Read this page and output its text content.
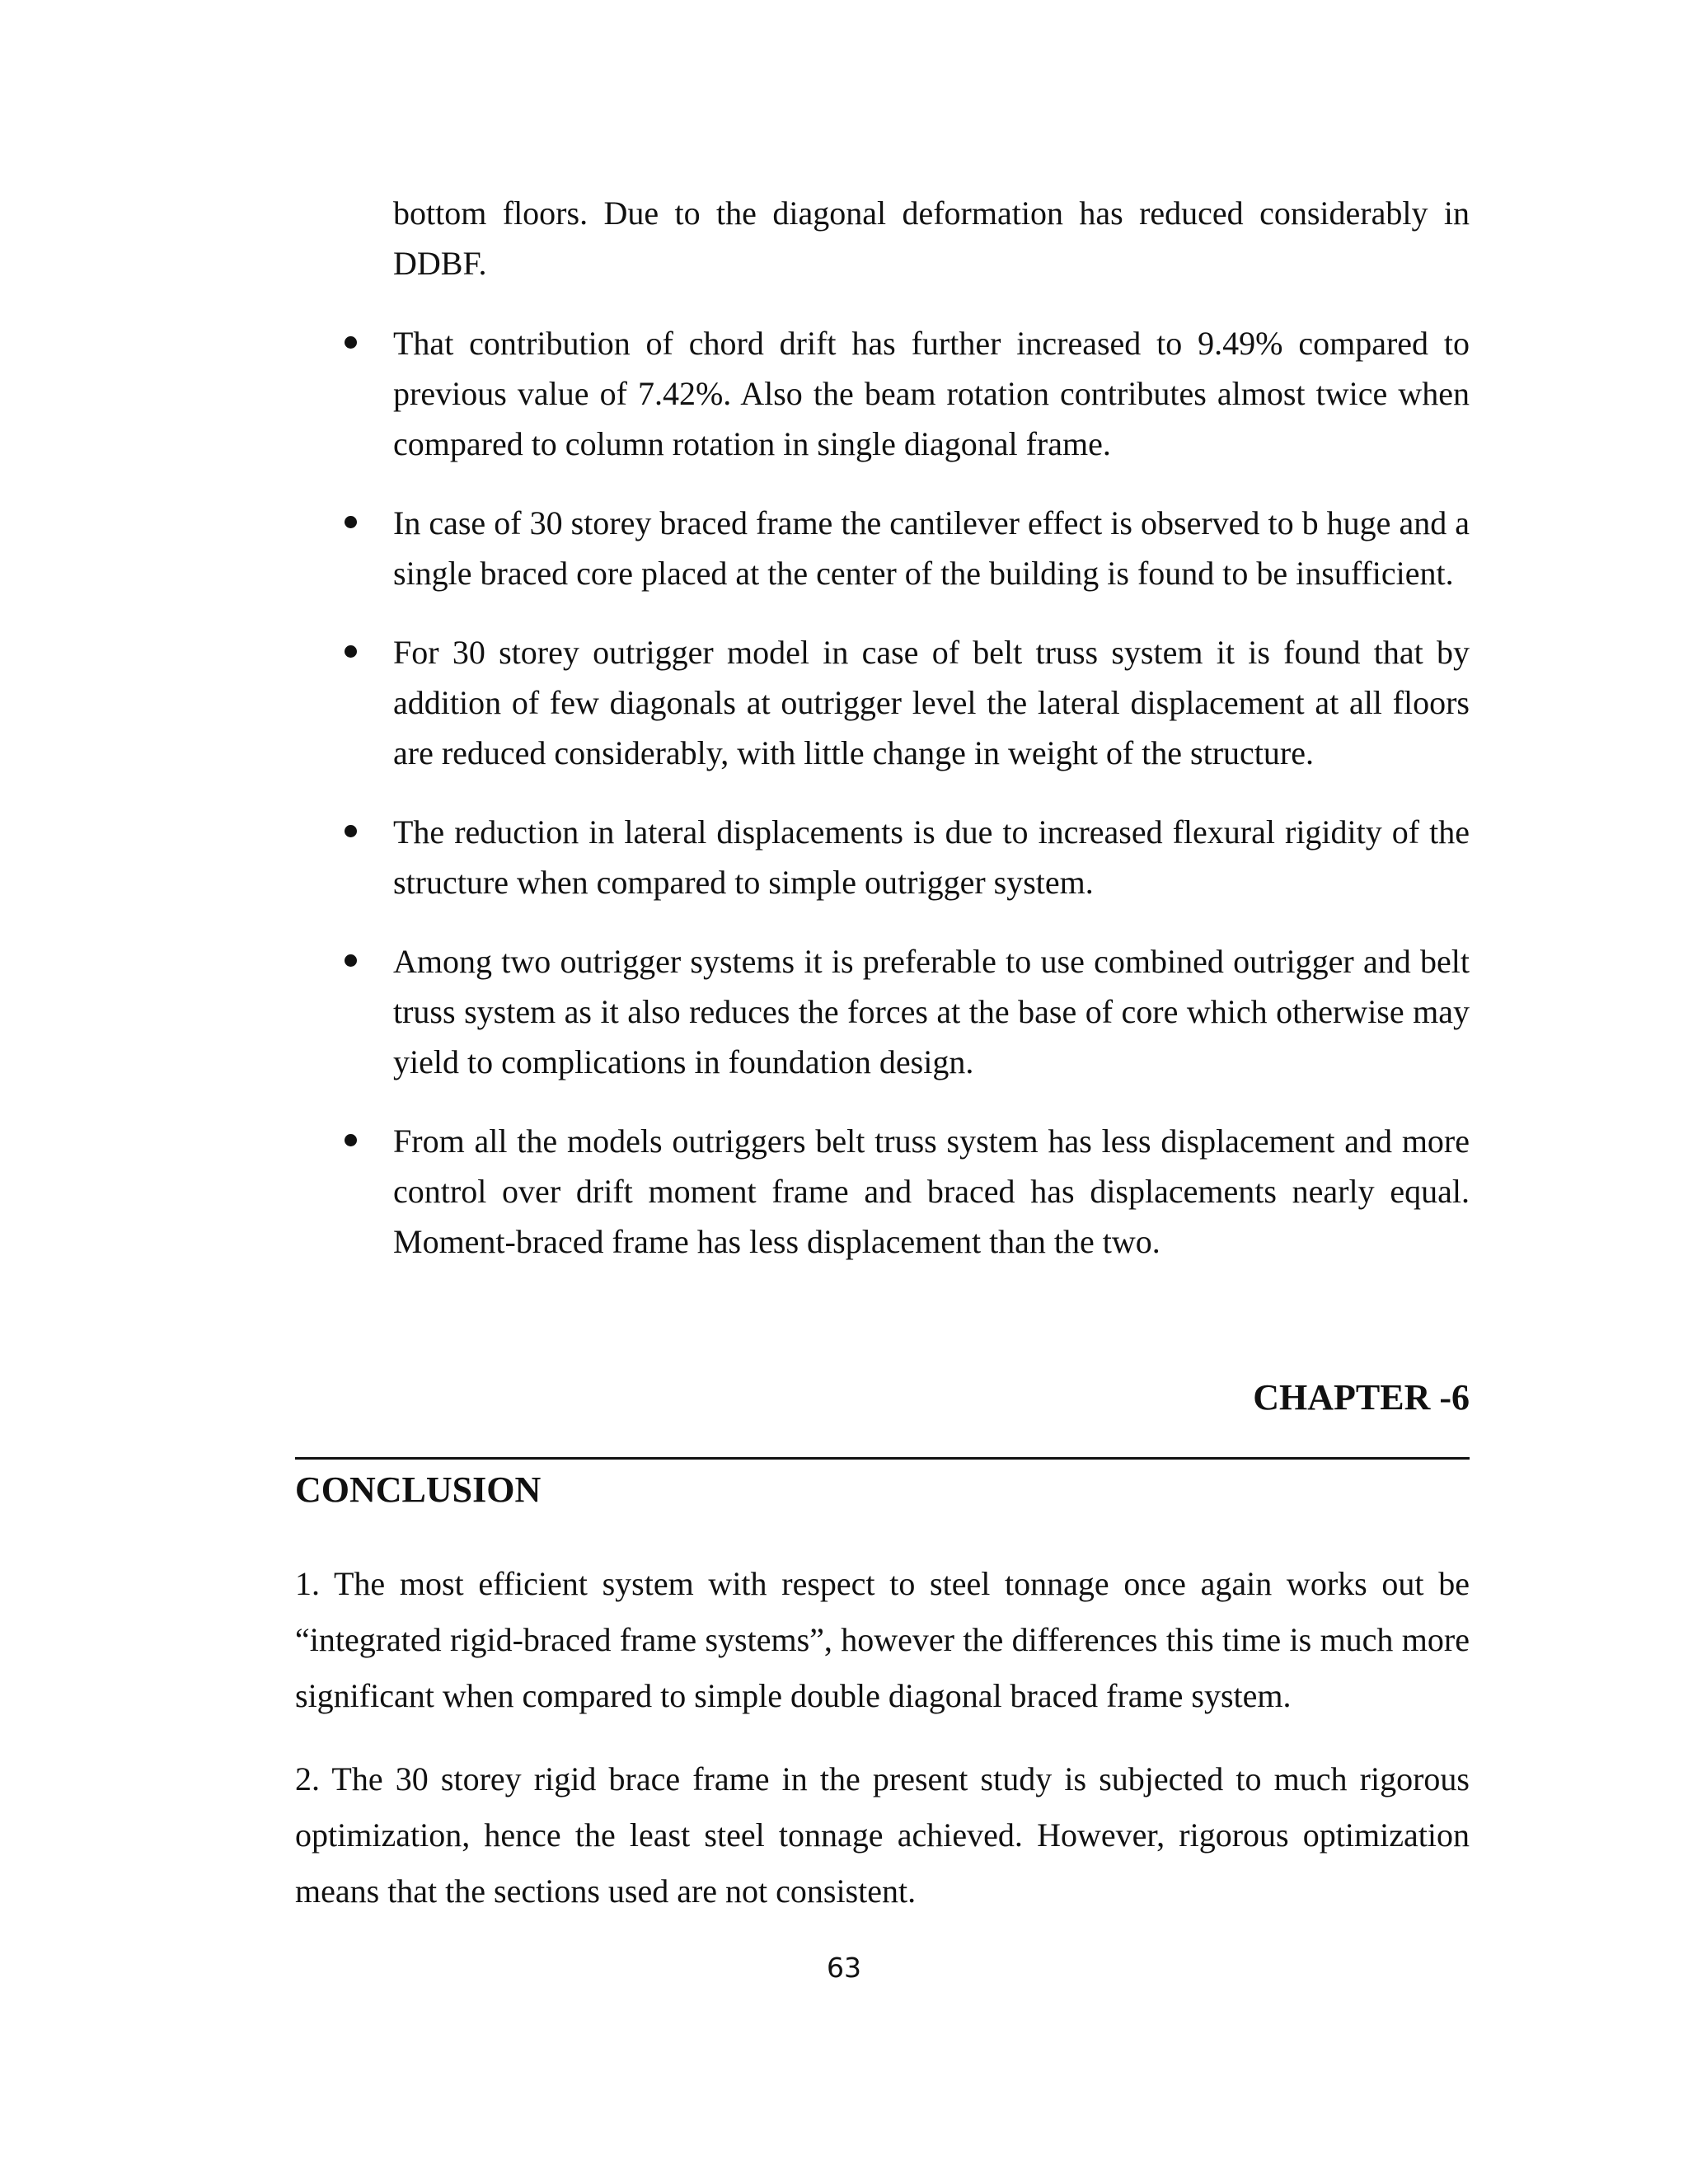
bottom floors. Due to the diagonal deformation has reduced considerably in DDBF.

That contribution of chord drift has further increased to 9.49% compared to previous value of 7.42%. Also the beam rotation contributes almost twice when compared to column rotation in single diagonal frame.
In case of 30 storey braced frame the cantilever effect is observed to b huge and a single braced core placed at the center of the building is found to be insufficient.
For 30 storey outrigger model in case of belt truss system it is found that by addition of few diagonals at outrigger level the lateral displacement at all floors are reduced considerably, with little change in weight of the structure.
The reduction in lateral displacements is due to increased flexural rigidity of the structure when compared to simple outrigger system.
Among two outrigger systems it is preferable to use combined outrigger and belt truss system as it also reduces the forces at the base of core which otherwise may yield to complications in foundation design.
From all the models outriggers belt truss system has less displacement and more control over drift moment frame and braced has displacements nearly equal. Moment-braced frame has less displacement than the two.
CHAPTER -6
CONCLUSION

1. The most efficient system with respect to steel tonnage once again works out be “integrated rigid-braced frame systems”, however the differences this time is much more significant when compared to simple double diagonal braced frame system.

2. The 30 storey rigid brace frame in the present study is subjected to much rigorous optimization, hence the least steel tonnage achieved. However, rigorous optimization means that the sections used are not consistent.

63
